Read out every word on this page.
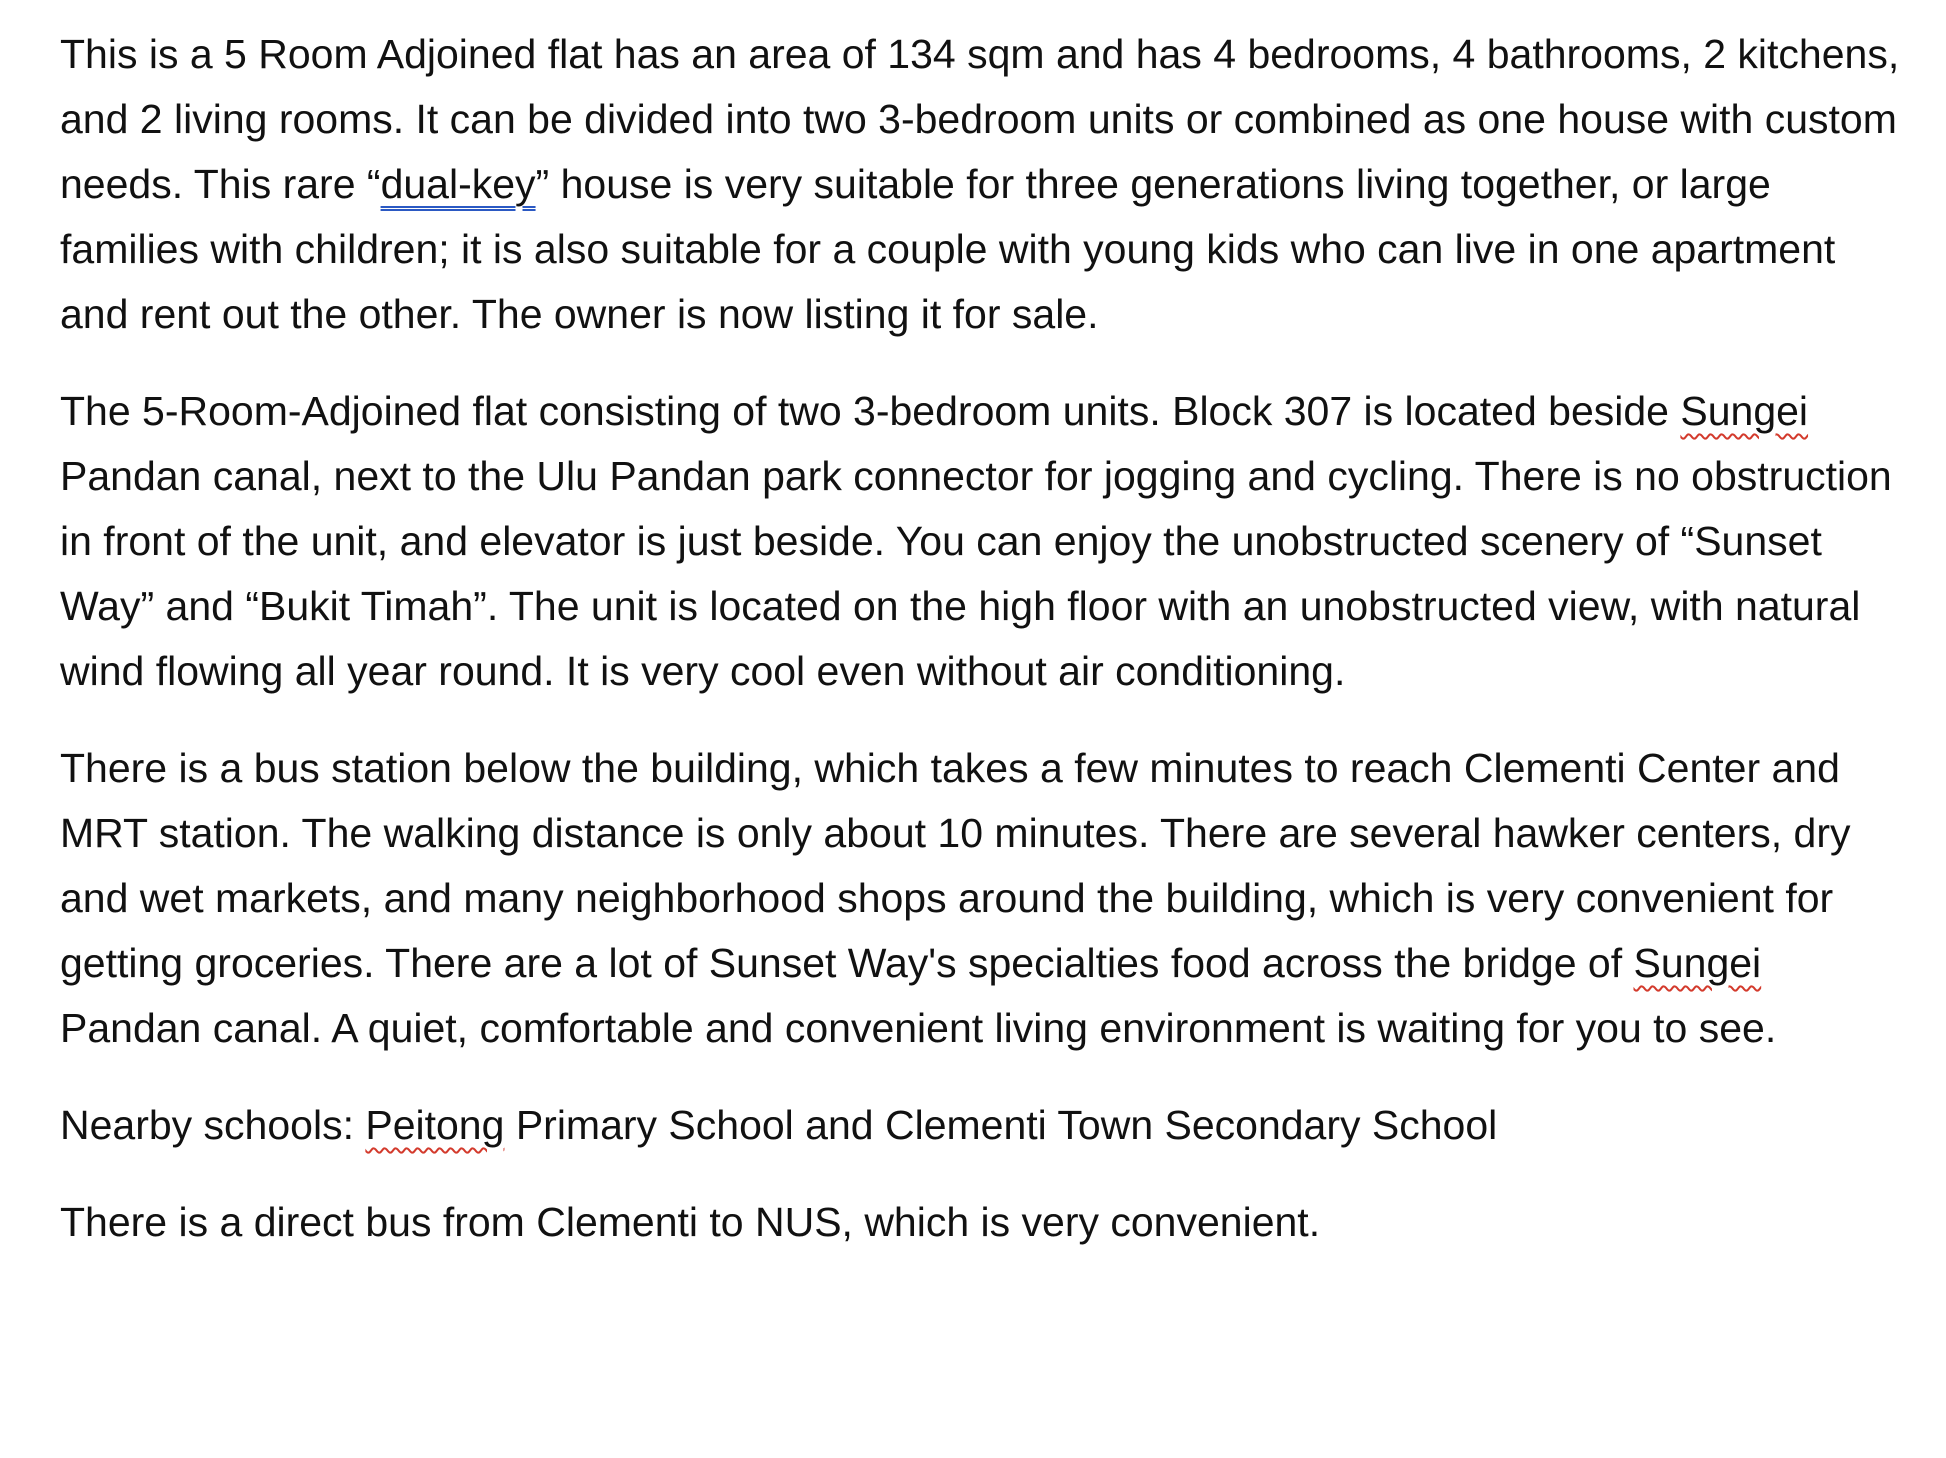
This is a 5 Room Adjoined flat has an area of 134 sqm and has 4 bedrooms, 4 bathrooms, 2 kitchens, and 2 living rooms. It can be divided into two 3-bedroom units or combined as one house with custom needs. This rare “dual-key” house is very suitable for three generations living together, or large families with children; it is also suitable for a couple with young kids who can live in one apartment and rent out the other. The owner is now listing it for sale.

The 5-Room-Adjoined flat consisting of two 3-bedroom units. Block 307 is located beside Sungei Pandan canal, next to the Ulu Pandan park connector for jogging and cycling. There is no obstruction in front of the unit, and elevator is just beside. You can enjoy the unobstructed scenery of “Sunset Way” and “Bukit Timah”. The unit is located on the high floor with an unobstructed view, with natural wind flowing all year round. It is very cool even without air conditioning.

There is a bus station below the building, which takes a few minutes to reach Clementi Center and MRT station. The walking distance is only about 10 minutes. There are several hawker centers, dry and wet markets, and many neighborhood shops around the building, which is very convenient for getting groceries. There are a lot of Sunset Way's specialties food across the bridge of Sungei Pandan canal. A quiet, comfortable and convenient living environment is waiting for you to see.

Nearby schools: Peitong Primary School and Clementi Town Secondary School

There is a direct bus from Clementi to NUS, which is very convenient.
